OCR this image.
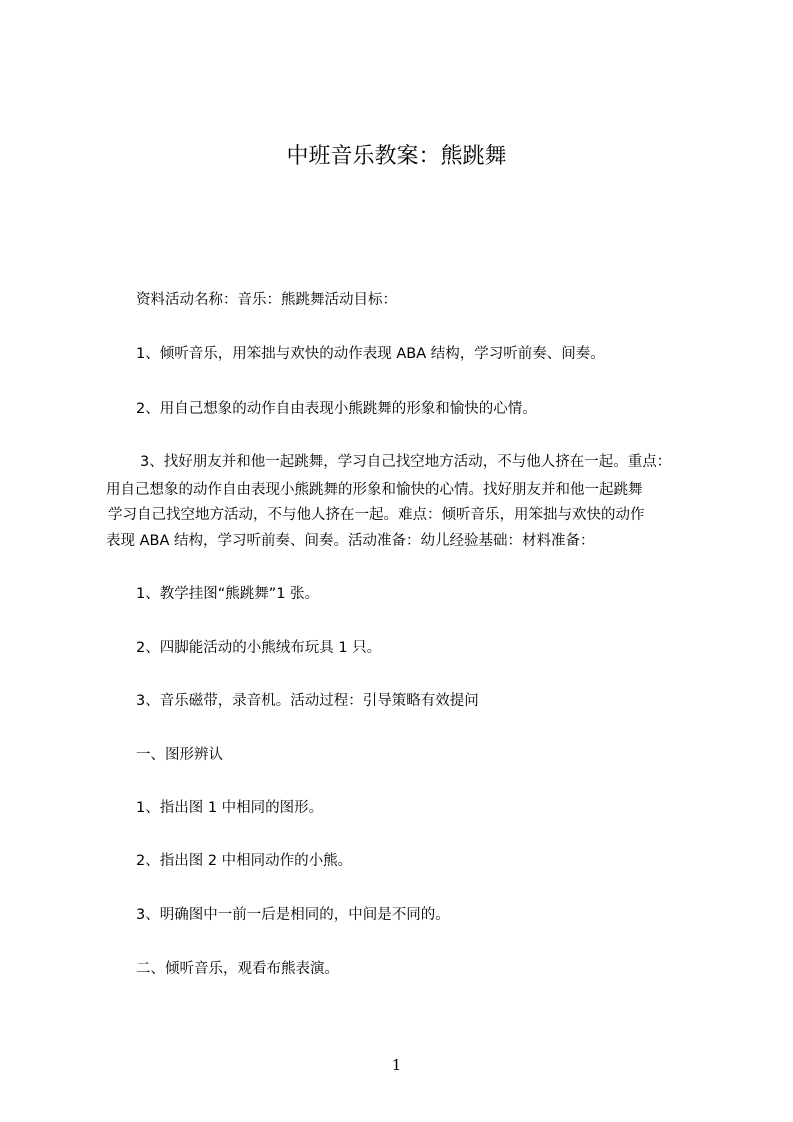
中班音乐教案：熊跳舞
资料活动名称：音乐：熊跳舞活动目标：
1、倾听音乐，用笨拙与欢快的动作表现 ABA 结构，学习听前奏、间奏。
2、用自己想象的动作自由表现小熊跳舞的形象和愉快的心情。
3、找好朋友并和他一起跳舞，学习自己找空地方活动，不与他人挤在一起。重点：
用自己想象的动作自由表现小熊跳舞的形象和愉快的心情。找好朋友并和他一起跳舞
学习自己找空地方活动，不与他人挤在一起。难点：倾听音乐，用笨拙与欢快的动作
表现 ABA 结构，学习听前奏、间奏。活动准备：幼儿经验基础：材料准备：
1、教学挂图“熊跳舞”1 张。
2、四脚能活动的小熊绒布玩具 1 只。
3、音乐磁带，录音机。活动过程：引导策略有效提问
一、图形辨认
1、指出图 1 中相同的图形。
2、指出图 2 中相同动作的小熊。
3、明确图中一前一后是相同的，中间是不同的。
二、倾听音乐，观看布熊表演。
1
